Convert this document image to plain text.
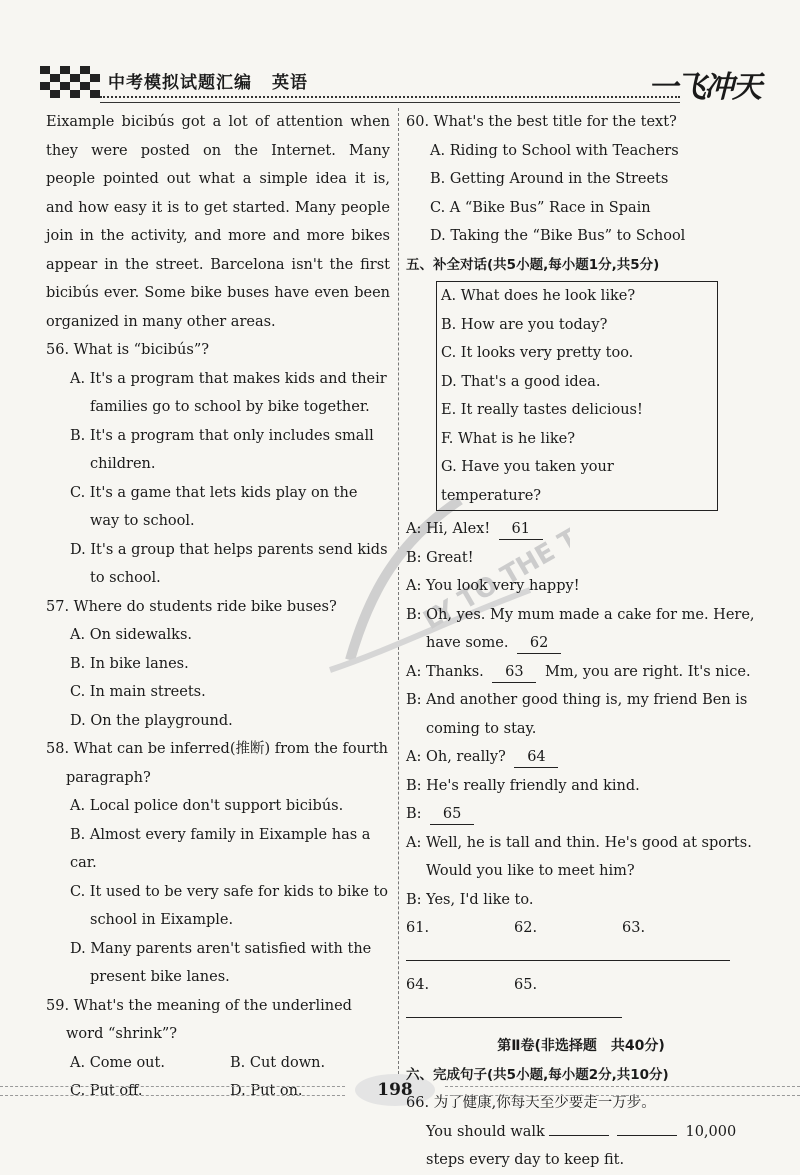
中考模拟试题汇编 英语	一飞冲天
LY TO THE TOP

Eixample bicibús got a lot of attention when they were posted on the Internet. Many people pointed out what a simple idea it is, and how easy it is to get started. Many people join in the activity, and more and more bikes appear in the street. Barcelona isn't the first bicibús ever. Some bike buses have even been organized in many other areas.

56. What is “bicibús”?

A. It's a program that makes kids and their families go to school by bike together.

B. It's a program that only includes small children.

C. It's a game that lets kids play on the way to school.

D. It's a group that helps parents send kids to school.

57. Where do students ride bike buses?

A. On sidewalks.

B. In bike lanes.

C. In main streets.

D. On the playground.

58. What can be inferred(推断) from the fourth paragraph?

A. Local police don't support bicibús.

B. Almost every family in Eixample has a car.

C. It used to be very safe for kids to bike to school in Eixample.

D. Many parents aren't satisfied with the present bike lanes.

59. What's the meaning of the underlined word “shrink”?

A. Come out.	B. Cut down.
C. Put off.	D. Put on.

60. What's the best title for the text?

A. Riding to School with Teachers

B. Getting Around in the Streets

C. A “Bike Bus” Race in Spain

D. Taking the “Bike Bus” to School

五、补全对话(共5小题,每小题1分,共5分)

A. What does he look like?
B. How are you today?
C. It looks very pretty too.
D. That's a good idea.
E. It really tastes delicious!
F. What is he like?
G. Have you taken your temperature?

A: Hi, Alex! 61

B: Great!

A: You look very happy!

B: Oh, yes. My mum made a cake for me. Here,

have some. 62

A: Thanks. 63 Mm, you are right. It's nice.

B: And another good thing is, my friend Ben is

coming to stay.

A: Oh, really? 64

B: He's really friendly and kind.

B: 65

A: Well, he is tall and thin. He's good at sports.

Would you like to meet him?

B: Yes, I'd like to.

61.	62.	63.
64.	65.

第Ⅱ卷(非选择题　共40分)

六、完成句子(共5小题,每小题2分,共10分)

66. 为了健康,你每天至少要走一万步。

You should walk	10,000

steps every day to keep fit.

198
